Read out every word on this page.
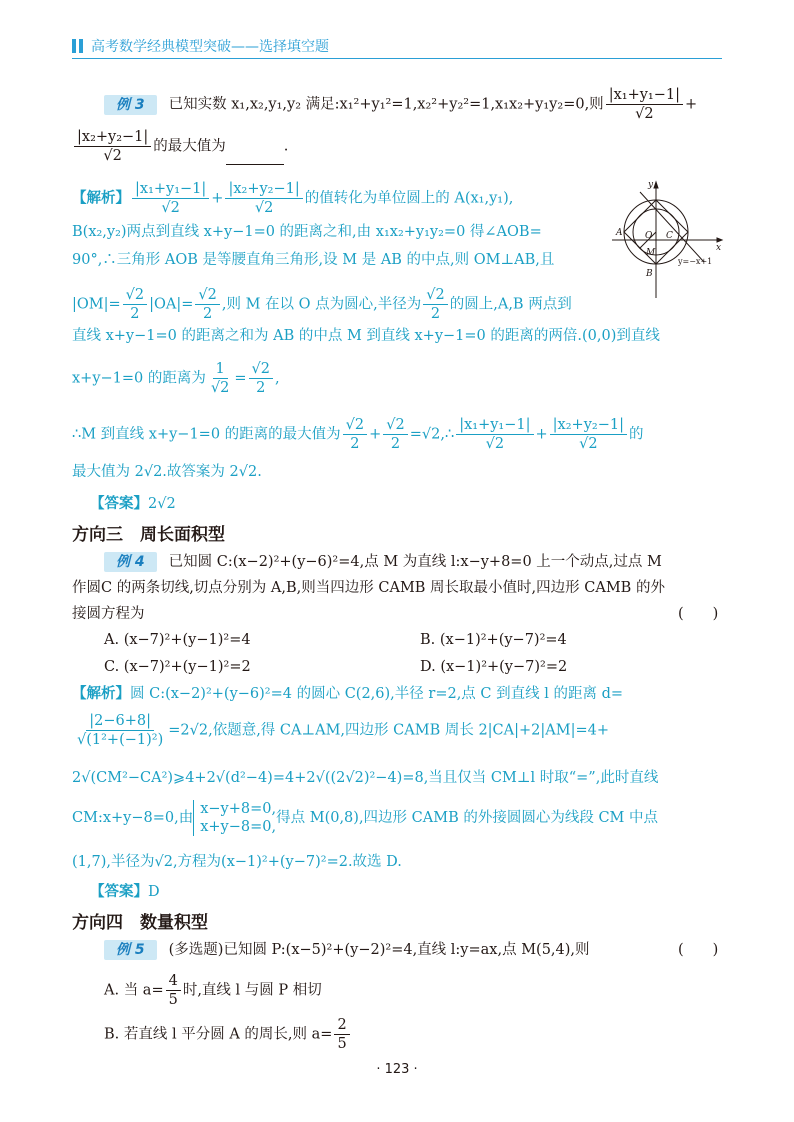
高考数学经典模型突破——选择填空题
例 3 已知实数 x₁,x₂,y₁,y₂ 满足:x₁²+y₁²=1,x₂²+y₂²=1,x₁x₂+y₁y₂=0,则 $\frac{\text{|x₁+y₁−1|}}{√2}$ +
$\frac{\text{|x₂+y₂−1|}}{√2}$ 的最大值为	.
【解析】 $\frac{\text{|x₁+y₁−1|}}{√2} + \frac{\text{|x₂+y₂−1|}}{√2}$ 的值转化为单位圆上的 A(x₁,y₁),
B(x₂,y₂)两点到直线 x+y−1=0 的距离之和,由 x₁x₂+y₁y₂=0 得∠AOB=
90°,∴三角形 AOB 是等腰直角三角形,设 M 是 AB 的中点,则 OM⊥AB,且
$|OM|= \frac{√2}{2} |OA|= \frac{√2}{2}$ ,则 M 在以 O 点为圆心,半径为 $\frac{√2}{2}$ 的圆上,A,B 两点到
直线 x+y−1=0 的距离之和为 AB 的中点 M 到直线 x+y−1=0 的距离的两倍.(0,0)到直线
x+y−1=0 的距离为 $\frac{1}{√2} = \frac{√2}{2}$ ,
∴M 到直线 x+y−1=0 的距离的最大值为 $\frac{√2}{2} + \frac{√2}{2}$ =√2,∴ $\frac{\text{|x₁+y₁−1|}}{√2} + \frac{\text{|x₂+y₂−1|}}{√2}$ 的
最大值为 2√2.故答案为 2√2.
【答案】2√2
y
x
A	O
M
B
C
y=−x+1
方向三　周长面积型
例 4 已知圆 C:(x−2)²+(y−6)²=4,点 M 为直线 l:x−y+8=0 上一个动点,过点 M
作圆C 的两条切线,切点分别为 A,B,则当四边形 CAMB 周长取最小值时,四边形 CAMB 的外
接圆方程为	(　　)
A. (x−7)²+(y−1)²=4	B. (x−1)²+(y−7)²=4
C. (x−7)²+(y−1)²=2	D. (x−1)²+(y−7)²=2
【解析】圆 C:(x−2)²+(y−6)²=4 的圆心 C(2,6),半径 r=2,点 C 到直线 l 的距离 d=
$\frac{|2-6+8|}{\text{√(1²+(−1)²)}} =2√2$,依题意,得 CA⊥AM,四边形 CAMB 周长 2|CA|+2|AM|=4+
2√(CM²−CA²)⩾4+2√(d²−4)=4+2√((2√2)²−4)=8,当且仅当 CM⊥l 时取“=”,此时直线
CM:x+y−8=0,由
x−y+8=0,
x+y−8=0,
得点 M(0,8),四边形 CAMB 的外接圆圆心为线段 CM 中点
(1,7),半径为√2,方程为(x−1)²+(y−7)²=2.故选 D.
【答案】D
方向四　数量积型
例 5 (多选题)已知圆 P:(x−5)²+(y−2)²=4,直线 l:y=ax,点 M(5,4),则	(　　)
A. 当 $a= \frac{4}{5}$ 时,直线 l 与圆 P 相切
B. 若直线 l 平分圆 A 的周长,则 $a= \frac{2}{5}$
· 123 ·
